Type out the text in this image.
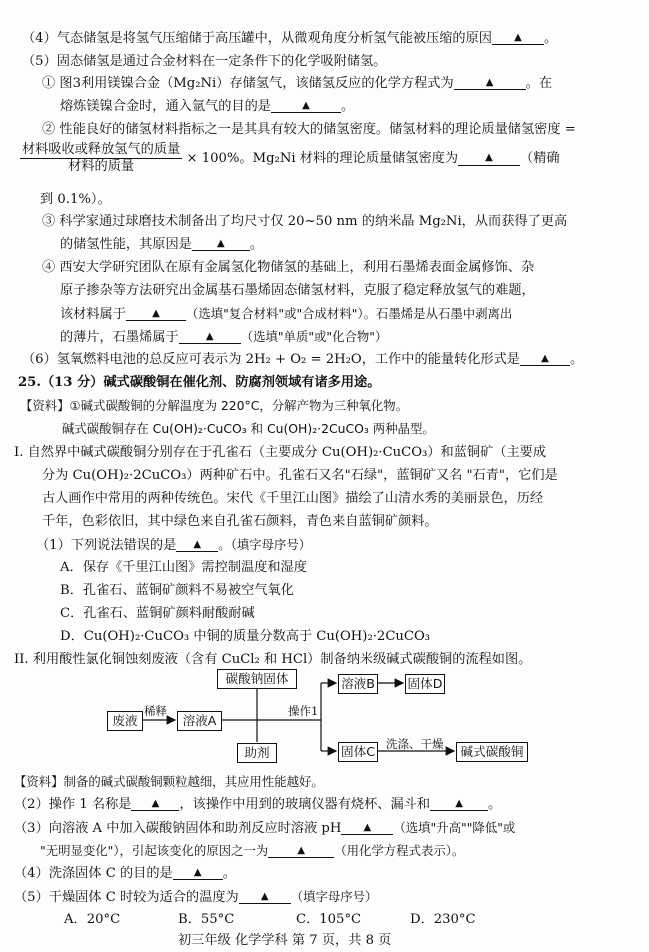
（4）气态储氢是将氢气压缩储于高压罐中，从微观角度分析氢气能被压缩的原因 ▲ 。
（5）固态储氢是通过合金材料在一定条件下的化学吸附储氢。
① 图3利用镁镍合金（Mg₂Ni）存储氢气，该储氢反应的化学方程式为	▲ 。在
熔炼镁镍合金时，通入氩气的目的是	▲ 。
② 性能良好的储氢材料指标之一是其具有较大的储氢密度。储氢材料的理论质量储氢密度 =
$\frac{\text{材料吸收或释放氢气的质量}}{\text{材料的质量}} \times 100\%$。Mg₂Ni 材料的理论质量储氢密度为	▲ （精确
到 0.1%）。
③ 科学家通过球磨技术制备出了均尺寸仅 20~50 nm 的纳米晶 Mg₂Ni，从而获得了更高
的储氢性能，其原因是	▲ 。
④ 西安大学研究团队在原有金属氢化物储氢的基础上，利用石墨烯表面金属修饰、杂
原子掺杂等方法研究出金属基石墨烯固态储氢材料，克服了稳定释放氢气的难题，
该材料属于	▲ （选填"复合材料"或"合成材料"）。石墨烯是从石墨中剥离出
的薄片，石墨烯属于	▲ （选填"单质"或"化合物"）
（6）氢氧燃料电池的总反应可表示为 2H₂ + O₂ = 2H₂O，工作中的能量转化形式是 ▲ 。
25.（13 分）碱式碳酸铜在催化剂、防腐剂领域有诸多用途。
【资料】①碱式碳酸铜的分解温度为 220°C，分解产物为三种氧化物。
碱式碳酸铜存在 Cu(OH)₂·CuCO₃ 和 Cu(OH)₂·2CuCO₃ 两种晶型。
I. 自然界中碱式碳酸铜分别存在于孔雀石（主要成分 Cu(OH)₂·CuCO₃）和蓝铜矿（主要成
分为 Cu(OH)₂·2CuCO₃）两种矿石中。孔雀石又名"石绿"，蓝铜矿又名 "石青"，它们是
古人画作中常用的两种传统色。宋代《千里江山图》描绘了山清水秀的美丽景色，历经
千年，色彩依旧，其中绿色来自孔雀石颜料，青色来自蓝铜矿颜料。
（1）下列说法错误的是 ▲ 。（填字母序号）
A．保存《千里江山图》需控制温度和湿度
B．孔雀石、蓝铜矿颜料不易被空气氧化
C．孔雀石、蓝铜矿颜料耐酸耐碱
D．Cu(OH)₂·CuCO₃ 中铜的质量分数高于 Cu(OH)₂·2CuCO₃
II. 利用酸性氯化铜蚀刻废液（含有 CuCl₂ 和 HCl）制备纳米级碱式碳酸铜的流程如图。
废液
稀释
溶液A
碳酸钠固体
助剂
操作1
溶液B	固体D
固体C 洗涤、干燥	碱式碳酸铜
【资料】制备的碱式碳酸铜颗粒越细，其应用性能越好。
（2）操作 1 名称是 ▲ ，该操作中用到的玻璃仪器有烧杯、漏斗和	▲ 。
（3）向溶液 A 中加入碳酸钠固体和助剂反应时溶液 pH ▲ （选填"升高""降低"或
"无明显变化"），引起该变化的原因之一为	▲ （用化学方程式表示）。
（4）洗涤固体 C 的目的是 ▲ 。
（5）干燥固体 C 时较为适合的温度为 ▲ （填字母序号）
A．20°C	B．55°C	C．105°C	D．230°C
初三年级 化学学科 第 7 页，共 8 页
